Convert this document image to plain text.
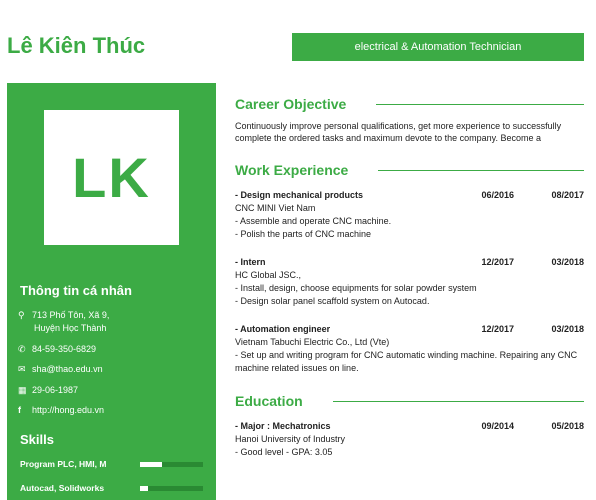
Lê Kiên Thúc	electrical & Automation Technician
LK
Thông tin cá nhân
⚲ 713 Phố Tôn, Xã 9,
Huyện Học Thành
✆ 84-59-350-6829
✉ sha@thao.edu.vn
▦ 29-06-1987
f	http://hong.edu.vn
Skills
Program PLC, HMI, M
Autocad, Solidworks
Career Objective
Continuously improve personal qualifications, get more experience to successfully complete the ordered tasks and maximum devote to the company. Become a
Work Experience
- Design mechanical products	06/2016	08/2017
CNC MINI Viet Nam
- Assemble and operate CNC machine.
- Polish the parts of CNC machine
- Intern	12/2017	03/2018
HC Global JSC.,
- Install, design, choose equipments for solar powder system
- Design solar panel scaffold system on Autocad.
- Automation engineer	12/2017	03/2018
Vietnam Tabuchi Electric Co., Ltd (Vte)
- Set up and writing program for CNC automatic winding machine. Repairing any CNC machine related issues on line.
Education
- Major : Mechatronics	09/2014	05/2018
Hanoi University of Industry
- Good level - GPA: 3.05
